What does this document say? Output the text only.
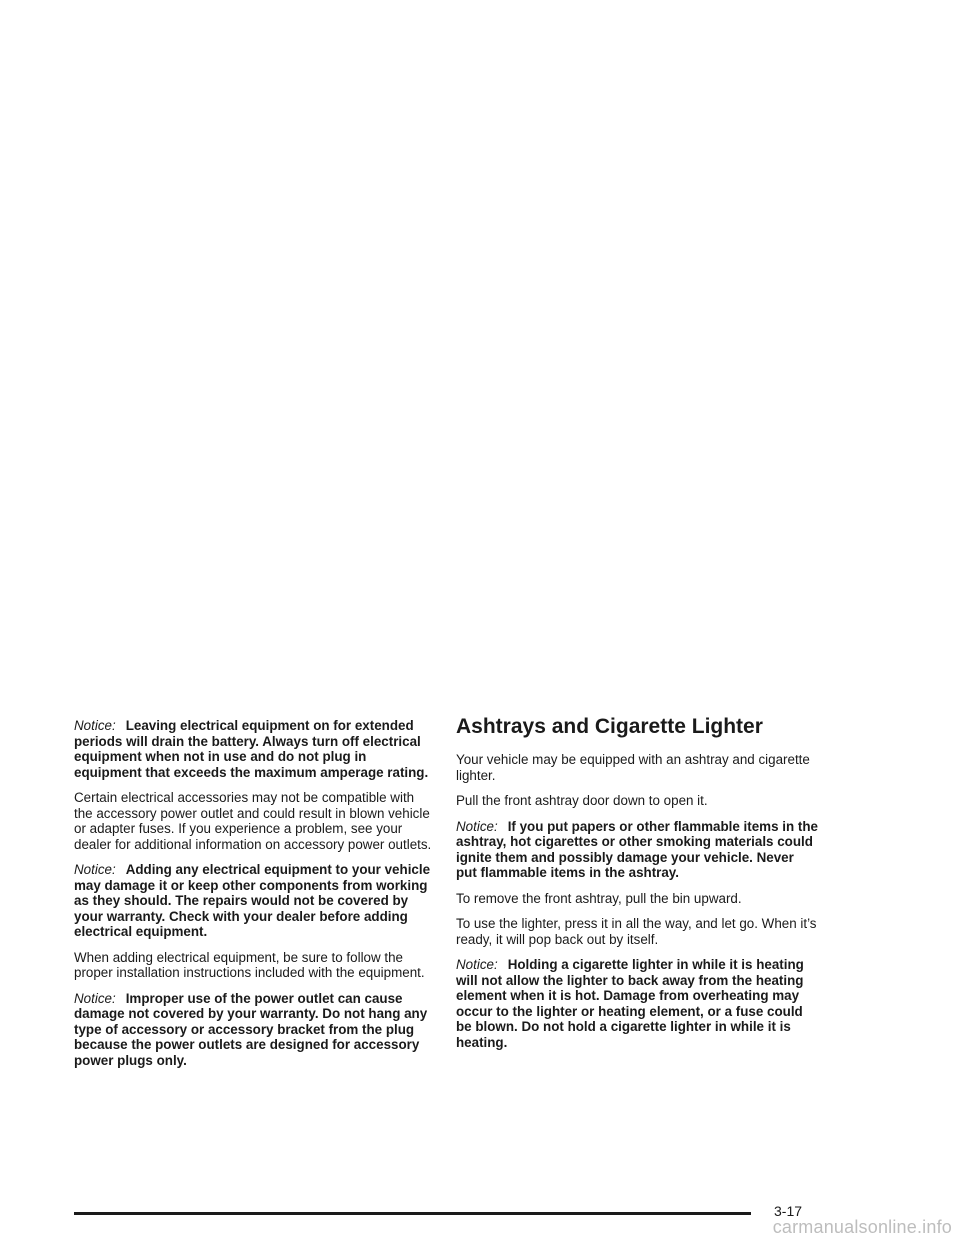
Notice: Leaving electrical equipment on for extended periods will drain the battery. Always turn off electrical equipment when not in use and do not plug in equipment that exceeds the maximum amperage rating.

Certain electrical accessories may not be compatible with the accessory power outlet and could result in blown vehicle or adapter fuses. If you experience a problem, see your dealer for additional information on accessory power outlets.

Notice: Adding any electrical equipment to your vehicle may damage it or keep other components from working as they should. The repairs would not be covered by your warranty. Check with your dealer before adding electrical equipment.

When adding electrical equipment, be sure to follow the proper installation instructions included with the equipment.

Notice: Improper use of the power outlet can cause damage not covered by your warranty. Do not hang any type of accessory or accessory bracket from the plug because the power outlets are designed for accessory power plugs only.

Ashtrays and Cigarette Lighter

Your vehicle may be equipped with an ashtray and cigarette lighter.

Pull the front ashtray door down to open it.

Notice: If you put papers or other flammable items in the ashtray, hot cigarettes or other smoking materials could ignite them and possibly damage your vehicle. Never put flammable items in the ashtray.

To remove the front ashtray, pull the bin upward.

To use the lighter, press it in all the way, and let go. When it’s ready, it will pop back out by itself.

Notice: Holding a cigarette lighter in while it is heating will not allow the lighter to back away from the heating element when it is hot. Damage from overheating may occur to the lighter or heating element, or a fuse could be blown. Do not hold a cigarette lighter in while it is heating.

3-17
carmanualsonline.info
